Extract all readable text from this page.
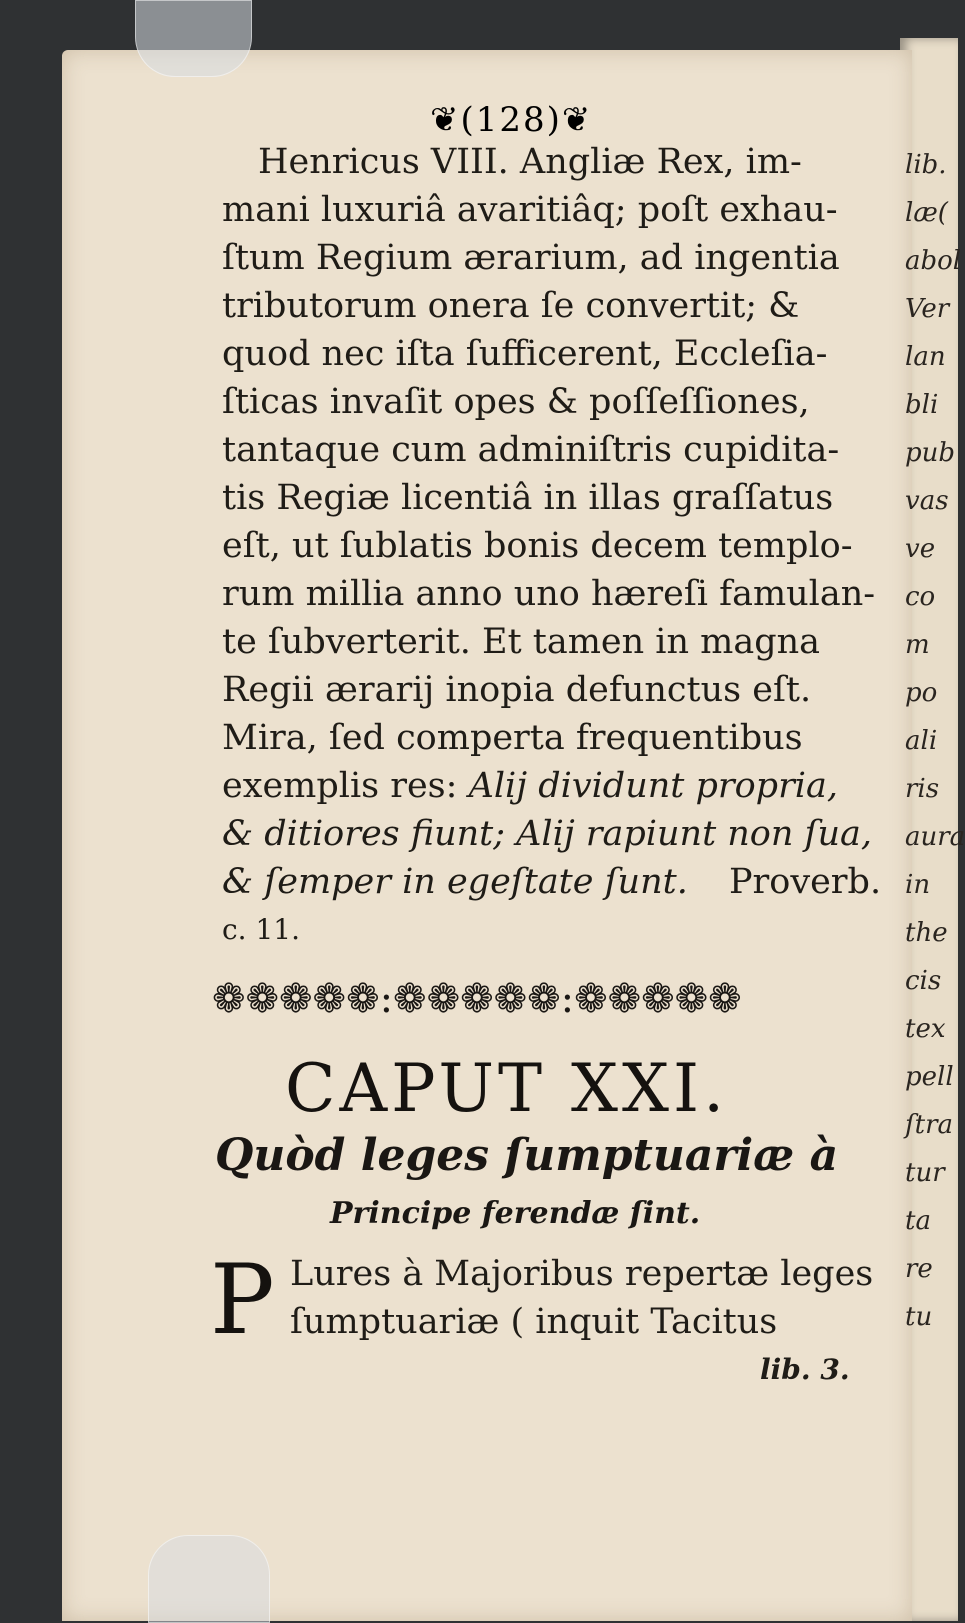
❦(128)❦
Henricus VIII. Angliæ Rex, im-
mani luxuriâ avaritiâq; poſt exhau-
ſtum Regium ærarium, ad ingentia
tributorum onera ſe convertit; &
quod nec iſta ſufficerent, Eccleſia-
ſticas invaſit opes & poſſeſſiones,
tantaque cum adminiſtris cupidita-
tis Regiæ licentiâ in illas graſſatus
eſt, ut ſublatis bonis decem templo-
rum millia anno uno hæreſi famulan-
te ſubverterit. Et tamen in magna
Regii ærarij inopia defunctus eſt.
Mira, ſed comperta frequentibus
exemplis res: Alij dividunt propria,
& ditiores fiunt; Alij rapiunt non ſua,
& ſemper in egeſtate ſunt. Proverb.
c. 11.
❁❁❁❁❁:❁❁❁❁❁:❁❁❁❁❁
CAPUT XXI.
Quòd leges ſumptuariæ à
Principe ferendæ ſint.
P Lures à Majoribus repertæ leges
ſumptuariæ ( inquit Tacitus
lib. 3.
lib.
læ(
abol
Ver
lan
bli
pub
vas
ve
co
m
po
ali
ris
aura
in
the
cis
tex
pell
ſtra
tur
ta
re
tu
